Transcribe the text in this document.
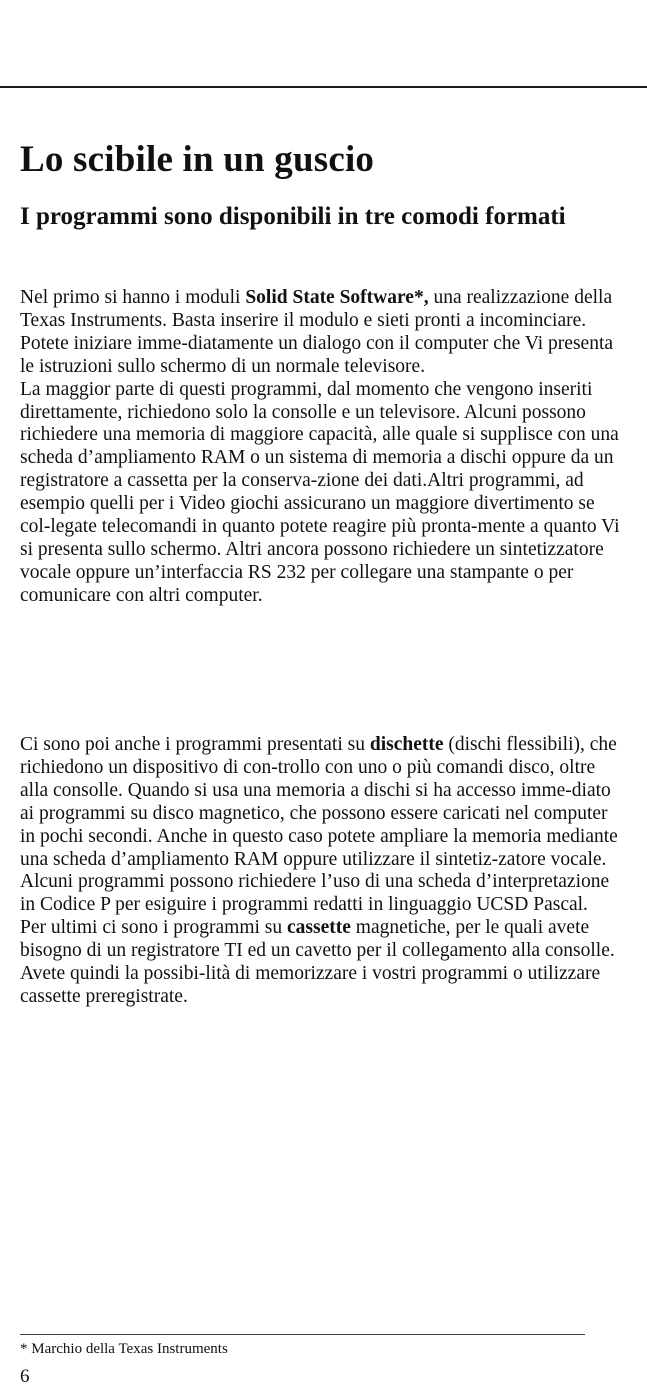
Lo scibile in un guscio
I programmi sono disponibili in tre comodi formati

Nel primo si hanno i moduli Solid State Software*, una realizzazione della Texas Instruments. Basta inserire il modulo e sieti pronti a incominciare. Potete iniziare imme-diatamente un dialogo con il computer che Vi presenta le istruzioni sullo schermo di un normale televisore.
La maggior parte di questi programmi, dal momento che vengono inseriti direttamente, richiedono solo la consolle e un televisore. Alcuni possono richiedere una memoria di maggiore capacità, alle quale si supplisce con una scheda d’ampliamento RAM o un sistema di memoria a dischi oppure da un registratore a cassetta per la conserva-zione dei dati.Altri programmi, ad esempio quelli per i Video giochi assicurano un maggiore divertimento se col-legate telecomandi in quanto potete reagire più pronta-mente a quanto Vi si presenta sullo schermo. Altri ancora possono richiedere un sintetizzatore vocale oppure un’interfaccia RS 232 per collegare una stampante o per comunicare con altri computer.

Ci sono poi anche i programmi presentati su dischette (dischi flessibili), che richiedono un dispositivo di con-trollo con uno o più comandi disco, oltre alla consolle. Quando si usa una memoria a dischi si ha accesso imme-diato ai programmi su disco magnetico, che possono essere caricati nel computer in pochi secondi. Anche in questo caso potete ampliare la memoria mediante una scheda d’ampliamento RAM oppure utilizzare il sintetiz-zatore vocale. Alcuni programmi possono richiedere l’uso di una scheda d’interpretazione in Codice P per esiguire i programmi redatti in linguaggio UCSD Pascal.
Per ultimi ci sono i programmi su cassette magnetiche, per le quali avete bisogno di un registratore TI ed un cavetto per il collegamento alla consolle. Avete quindi la possibi-lità di memorizzare i vostri programmi o utilizzare cassette preregistrate.

* Marchio della Texas Instruments

6
